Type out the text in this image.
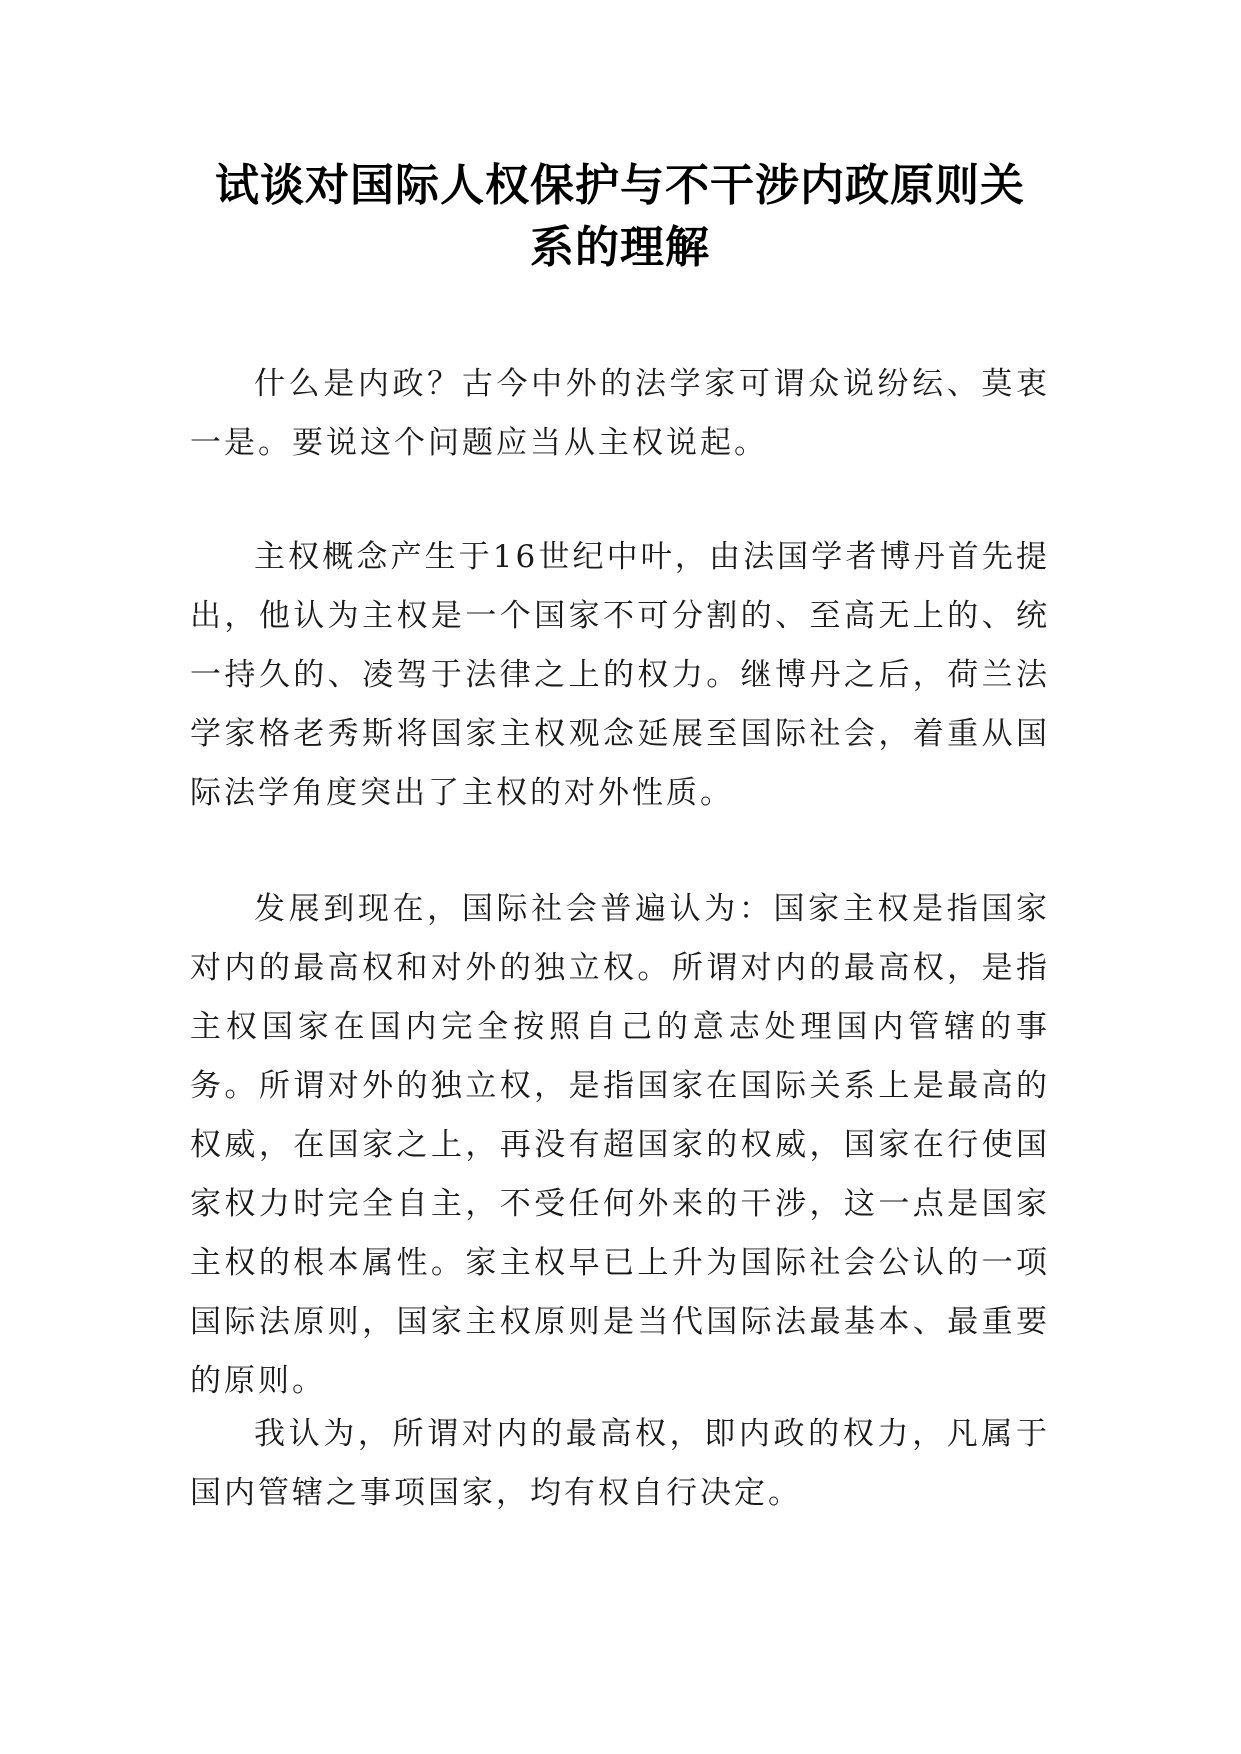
试谈对国际人权保护与不干涉内政原则关
系的理解

什么是内政？古今中外的法学家可谓众说纷纭、莫衷一是。要说这个问题应当从主权说起。

主权概念产生于16世纪中叶，由法国学者博丹首先提出，他认为主权是一个国家不可分割的、至高无上的、统一持久的、凌驾于法律之上的权力。继博丹之后，荷兰法学家格老秀斯将国家主权观念延展至国际社会，着重从国际法学角度突出了主权的对外性质。

发展到现在，国际社会普遍认为：国家主权是指国家对内的最高权和对外的独立权。所谓对内的最高权，是指主权国家在国内完全按照自己的意志处理国内管辖的事务。所谓对外的独立权，是指国家在国际关系上是最高的权威，在国家之上，再没有超国家的权威，国家在行使国家权力时完全自主，不受任何外来的干涉，这一点是国家主权的根本属性。家主权早已上升为国际社会公认的一项国际法原则，国家主权原则是当代国际法最基本、最重要的原则。

我认为，所谓对内的最高权，即内政的权力，凡属于国内管辖之事项国家，均有权自行决定。
